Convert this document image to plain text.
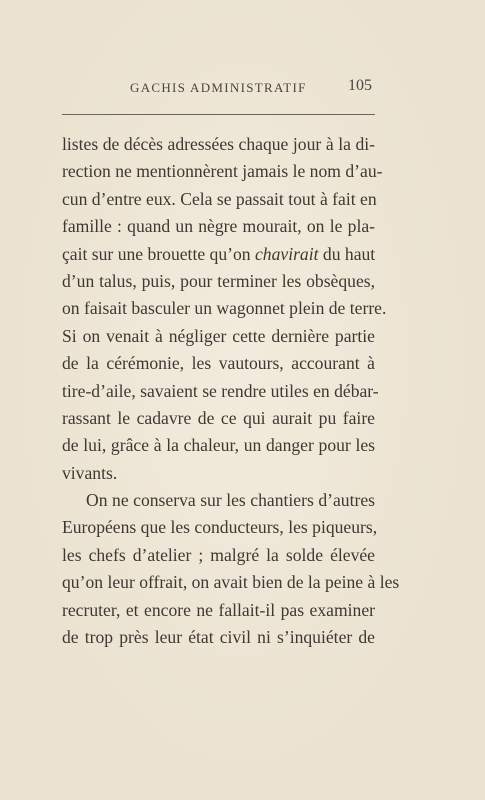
GACHIS ADMINISTRATIF	105
listes de décès adressées chaque jour à la di-
rection ne mentionnèrent jamais le nom d’au-
cun d’entre eux. Cela se passait tout à fait en
famille : quand un nègre mourait, on le pla-
çait sur une brouette qu’on chavirait du haut
d’un talus, puis, pour terminer les obsèques,
on faisait basculer un wagonnet plein de terre.
Si on venait à négliger cette dernière partie
de la cérémonie, les vautours, accourant à
tire-d’aile, savaient se rendre utiles en débar-
rassant le cadavre de ce qui aurait pu faire
de lui, grâce à la chaleur, un danger pour les
vivants.
On ne conserva sur les chantiers d’autres
Européens que les conducteurs, les piqueurs,
les chefs d’atelier ; malgré la solde élevée
qu’on leur offrait, on avait bien de la peine à les
recruter, et encore ne fallait-il pas examiner
de trop près leur état civil ni s’inquiéter de
